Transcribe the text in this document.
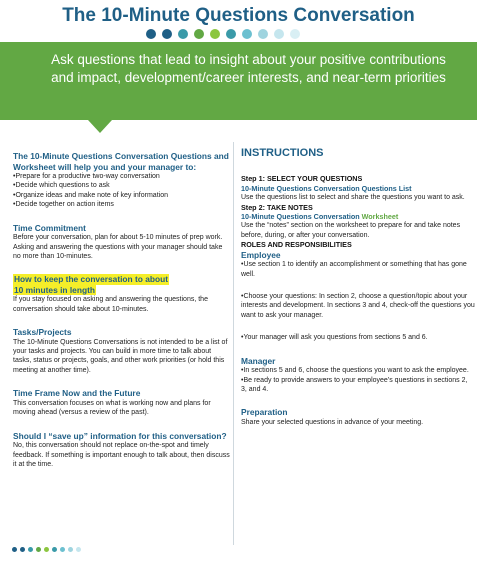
The 10-Minute Questions Conversation
Ask questions that lead to insight about your positive contributions and impact, development/career interests, and near-term priorities

The 10-Minute Questions Conversation Questions and Worksheet will help you and your manager to:

•Prepare for a productive two-way conversation

•Decide which questions to ask

•Organize ideas and make note of key information

•Decide together on action items

Time Commitment

Before your conversation, plan for about 5-10 minutes of prep work. Asking and answering the questions with your manager should take no more than 10-minutes.

How to keep the conversation to about
10 minutes in length

If you stay focused on asking and answering the questions, the conversation should take about 10-minutes.

Tasks/Projects

The 10-Minute Questions Conversations is not intended to be a list of your tasks and projects. You can build in more time to talk about tasks, status or projects, goals, and other work priorities (or hold this meeting at another time).

Time Frame Now and the Future

This conversation focuses on what is working now and plans for moving ahead (versus a review of the past).

Should I “save up” information for this conversation?

No, this conversation should not replace on-the-spot and timely feedback. If something is important enough to talk about, then discuss it at the time.

INSTRUCTIONS

Step 1: SELECT YOUR QUESTIONS

10-Minute Questions Conversation Questions List

Use the questions list to select and share the questions you want to ask.

Step 2: TAKE NOTES

10-Minute Questions Conversation Worksheet

Use the “notes” section on the worksheet to prepare for and take notes before, during, or after your conversation.

ROLES AND RESPONSIBILITIES

Employee

•Use section 1 to identify an accomplishment or something that has gone well.

•Choose your questions: In section 2, choose a question/topic about your interests and development. In sections 3 and 4, check-off the questions you want to ask your manager.

•Your manager will ask you questions from sections 5 and 6.

Manager

•In sections 5 and 6, choose the questions you want to ask the employee.

•Be ready to provide answers to your employee’s questions in sections 2, 3, and 4.

Preparation

Share your selected questions in advance of your meeting.
